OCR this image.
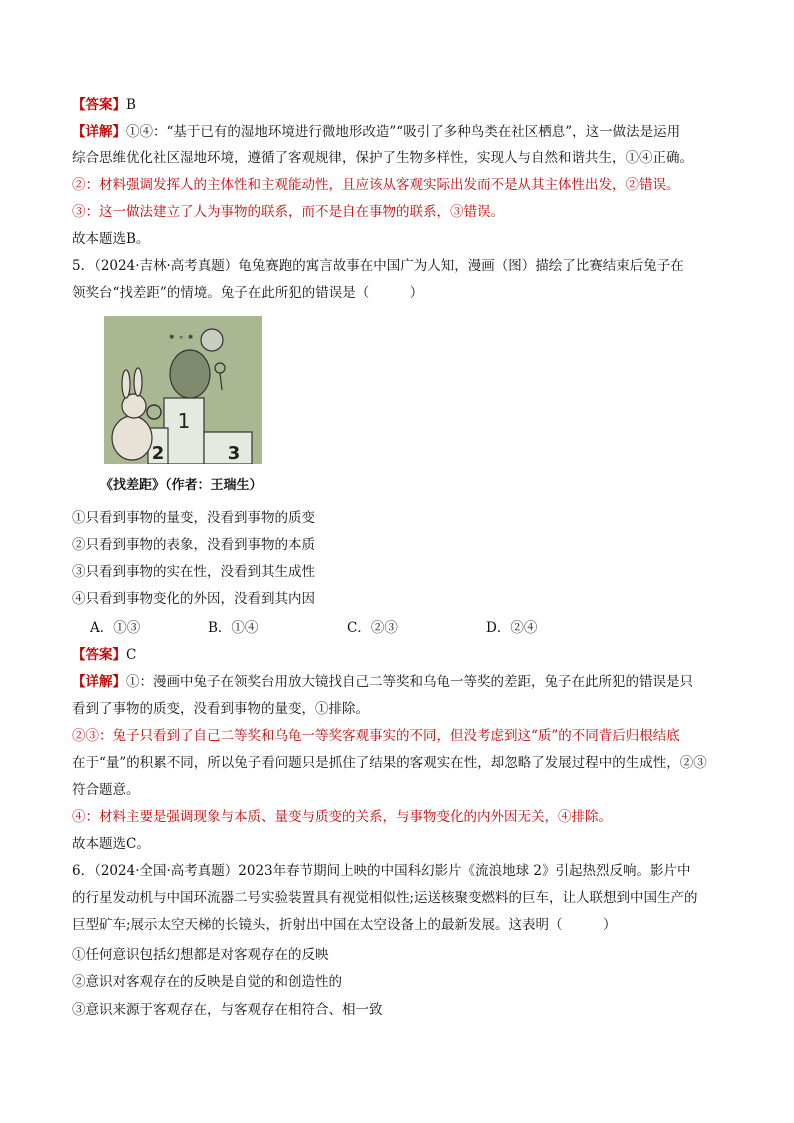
【答案】B
【详解】①④：“基于已有的湿地环境进行微地形改造”“吸引了多种鸟类在社区栖息”，这一做法是运用
综合思维优化社区湿地环境，遵循了客观规律，保护了生物多样性，实现人与自然和谐共生，①④正确。
②：材料强调发挥人的主体性和主观能动性，且应该从客观实际出发而不是从其主体性出发，②错误。
③：这一做法建立了人为事物的联系，而不是自在事物的联系，③错误。
故本题选B。
5．（2024·吉林·高考真题）龟兔赛跑的寓言故事在中国广为人知，漫画（图）描绘了比赛结束后兔子在
领奖台“找差距”的情境。兔子在此所犯的错误是（　　　）
1
2	3
⁕ ∘ ⁕
《找差距》（作者：王瑞生）
①只看到事物的量变，没看到事物的质变
②只看到事物的表象，没看到事物的本质
③只看到事物的实在性，没看到其生成性
④只看到事物变化的外因，没看到其内因
A．①③	B．①④	C．②③	D．②④
【答案】C
【详解】①：漫画中兔子在领奖台用放大镜找自己二等奖和乌龟一等奖的差距，兔子在此所犯的错误是只
看到了事物的质变，没看到事物的量变，①排除。
②③：兔子只看到了自己二等奖和乌龟一等奖客观事实的不同，但没考虑到这“质”的不同背后归根结底
在于“量”的积累不同，所以兔子看问题只是抓住了结果的客观实在性，却忽略了发展过程中的生成性，②③
符合题意。
④：材料主要是强调现象与本质、量变与质变的关系，与事物变化的内外因无关，④排除。
故本题选C。
6．（2024·全国·高考真题）2023年春节期间上映的中国科幻影片《流浪地球 2》引起热烈反响。影片中
的行星发动机与中国环流器二号实验装置具有视觉相似性;运送核聚变燃料的巨车，让人联想到中国生产的
巨型矿车;展示太空天梯的长镜头，折射出中国在太空设备上的最新发展。这表明（　　　）
①任何意识包括幻想都是对客观存在的反映
②意识对客观存在的反映是自觉的和创造性的
③意识来源于客观存在，与客观存在相符合、相一致
